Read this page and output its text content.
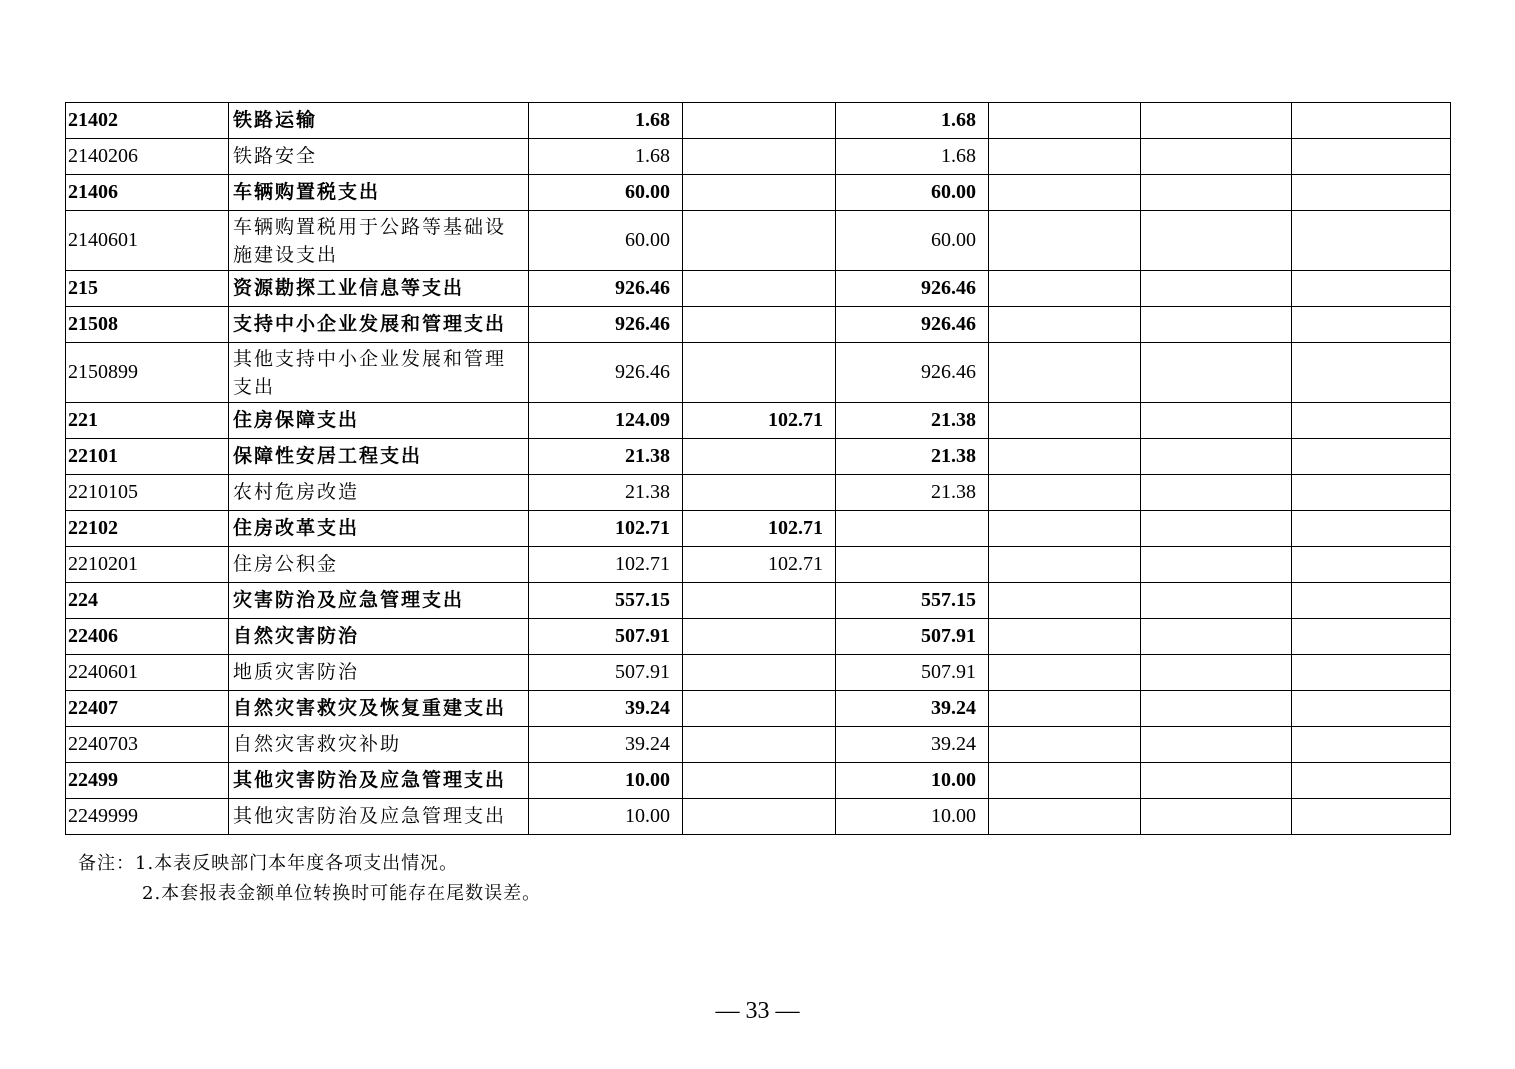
21402	铁路运输	1.68		1.68			
2140206	铁路安全	1.68		1.68			
21406	车辆购置税支出	60.00		60.00			
2140601	车辆购置税用于公路等基础设施建设支出	60.00		60.00			
215	资源勘探工业信息等支出	926.46		926.46			
21508	支持中小企业发展和管理支出	926.46		926.46			
2150899	其他支持中小企业发展和管理支出	926.46		926.46			
221	住房保障支出	124.09	102.71	21.38			
22101	保障性安居工程支出	21.38		21.38			
2210105	农村危房改造	21.38		21.38			
22102	住房改革支出	102.71	102.71				
2210201	住房公积金	102.71	102.71				
224	灾害防治及应急管理支出	557.15		557.15			
22406	自然灾害防治	507.91		507.91			
2240601	地质灾害防治	507.91		507.91			
22407	自然灾害救灾及恢复重建支出	39.24		39.24			
2240703	自然灾害救灾补助	39.24		39.24			
22499	其他灾害防治及应急管理支出	10.00		10.00			
2249999	其他灾害防治及应急管理支出	10.00		10.00			
备注：1.本表反映部门本年度各项支出情况。
2.本套报表金额单位转换时可能存在尾数误差。
— 33 —
